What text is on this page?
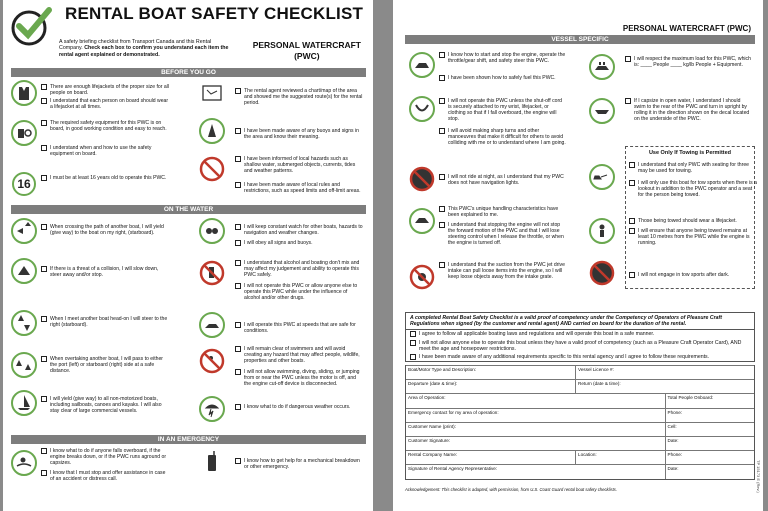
RENTAL BOAT SAFETY CHECKLIST
A safety briefing checklist from Transport Canada and this Rental Company. Check each box to confirm you understand each item the rental agent explained or demonstrated.
PERSONAL WATERCRAFT
(PWC)
BEFORE YOU GO
There are enough lifejackets of the proper size for all people on board.
I understand that each person on board should wear a lifejacket at all times.
The required safety equipment for this PWC is on board, in good working condition and easy to reach.
I understand when and how to use the safety equipment on board.
16	I must be at least 16 years old to operate this PWC.
The rental agent reviewed a chart/map of the area and showed me the suggested route(s) for the rental period.
I have been made aware of any buoys and signs in the area and know their meaning.
I have been informed of local hazards such as shallow water, submerged objects, currents, tides and weather patterns.
I have been made aware of local rules and restrictions, such as speed limits and off-limit areas.
ON THE WATER
When crossing the path of another boat, I will yield (give way) to the boat on my right, (starboard).
If there is a threat of a collision, I will slow down, steer away and/or stop.
When I meet another boat head-on I will steer to the right (starboard).
When overtaking another boat, I will pass to either the port (left) or starboard (right) side at a safe distance.
I will yield (give way) to all non-motorized boats, including sailboats, canoes and kayaks. I will also stay clear of large commercial vessels.
I will keep constant watch for other boats, hazards to navigation and weather changes.
I will obey all signs and buoys.
I understand that alcohol and boating don't mix and may affect my judgement and ability to operate this PWC safely.
I will not operate this PWC or allow anyone else to operate this PWC while under the influence of alcohol and/or other drugs.
I will operate this PWC at speeds that are safe for conditions.
I will remain clear of swimmers and will avoid creating any hazard that may affect people, wildlife, properties and other boats.
I will not allow swimming, diving, sliding, or jumping from or near the PWC unless the motor is off, and the engine cut-off device is disconnected.
I know what to do if dangerous weather occurs.
IN AN EMERGENCY
I know what to do if anyone falls overboard, if the engine breaks down, or if the PWC runs aground or capsizes.
I know that I must stop and offer assistance in case of an accident or distress call.
I know how to get help for a mechanical breakdown or other emergency.
PERSONAL WATERCRAFT (PWC)
VESSEL SPECIFIC
I know how to start and stop the engine, operate the throttle/gear shift, and safety steer this PWC.
I have been shown how to safely fuel this PWC.
I will not operate this PWC unless the shut-off cord is securely attached to my wrist, lifejacket, or clothing so that if I fall overboard, the engine will stop.
I will avoid making sharp turns and other manoeuvres that make it difficult for others to avoid colliding with me or to understand where I am going.
I will not ride at night, as I understand that my PWC does not have navigation lights.
This PWC's unique handling characteristics have been explained to me.
I understand that stopping the engine will not stop the forward motion of the PWC and that I will lose steering control when I release the throttle, or when the engine is turned off.
I understand that the suction from the PWC jet drive intake can pull loose items into the engine, so I will keep loose objects away from the intake grate.
I will respect the maximum load for this PWC, which is: ____ People ____ kg/lb People + Equipment.
If I capsize in open water, I understand I should swim to the rear of the PWC and turn in upright by rolling it in the direction shown on the decal located on the underside of the PWC.
Use Only If Towing is Permitted
I understand that only PWC with seating for three may be used for towing.
I will only use this boat for tow sports when there is a lookout in addition to the PWC operator and a seat for the person being towed.
Those being towed should wear a lifejacket.
I will ensure that anyone being towed remains at least 10 metres from the PWC while the engine is running.
I will not engage in tow sports after dark.
A completed Rental Boat Safety Checklist is a valid proof of competency under the Competency of Operators of Pleasure Craft Regulations when signed (by the customer and rental agent) AND carried on board for the duration of the rental.
I agree to follow all applicable boating laws and regulations and will operate this boat in a safe manner.
I will not allow anyone else to operate this boat unless they have a valid proof of competency (such as a Pleasure Craft Operator Card), AND meet the age and horsepower restrictions.
I have been made aware of any additional requirements specific to this rental agency and I agree to follow these requirements.
Boat/Motor Type and Description:	Vessel Licence #:
Departure (date & time):	Return (date & time):
Area of Operation:	Total People Onboard:
Emergency contact for my area of operation:	Phone:
Customer Name (print):	Cell:
Customer Signature:	Date:
Rental Company Name:	Location:	Phone:
Signature of Rental Agency Representative:	Date:
Acknowledgement: This checklist is adapted, with permission, from U.S. Coast Guard rental boat safety checklists.	TP 15173 E (Rev.)
